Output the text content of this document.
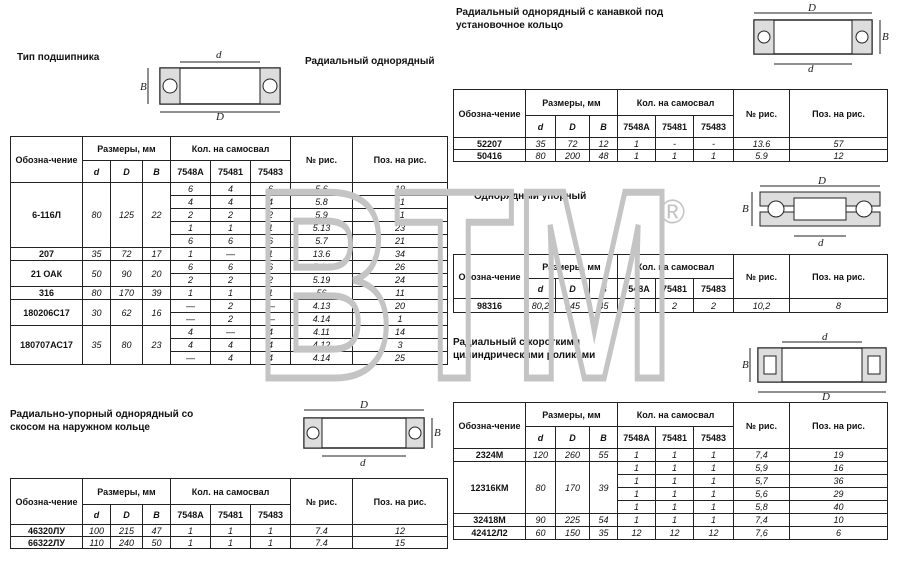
Тип подшипника	Радиальный однорядный
Радиальный однорядный с канавкой под установочное кольцо
Однорядный упорный
Радиальный с короткими цилиндрическими роликами
Радиально-упорный однорядный со скосом на наружном кольце
d
D
B
D
d
B
D
d
B
d
D
B
D
d
B
Обозна-чение	Размеры, мм			Кол. на самосвал			№ рис.	Поз. на рис.
	d	D	B	7548А	75481	75483		
6-116Л	80	125	22	6	4	6	5.6	19
				4	4	4	5.8	31
				2	2	2	5.9	11
				1	1	1	5.13	23
				6	6	6	5.7	21
207	35	72	17	1	—	1	13.6	34
21 ОАК	50	90	20	6	6	6	5.14	26
				2	2	2	5.19	24
316	80	170	39	1	1	1	56	11
180206С17	30	62	16	—	2	—	4.13	20
				—	2	—	4.14	1
180707АС17	35	80	23	4	—	4	4.11	14
				4	4	4	4.12	3
				—	4	4	4.14	25
Обозна-чение	Размеры, мм			Кол. на самосвал			№ рис.	Поз. на рис.
	d	D	B	7548А	75481	75483		
52207	35	72	12	1	-	-	13.6	57
50416	80	200	48	1	1	1	5.9	12
Обозна-чение	Размеры, мм			Кол. на самосвал			№ рис.	Поз. на рис.
	d	D	B	7548А	75481	75483		
98316	80,2	145	45	2	2	2	10,2	8
Обозна-чение	Размеры, мм			Кол. на самосвал			№ рис.	Поз. на рис.
	d	D	B	7548А	75481	75483		
2324М	120	260	55	1	1	1	7,4	19
12316КМ	80	170	39	1	1	1	5,9	16
				1	1	1	5,7	36
				1	1	1	5,6	29
				1	1	1	5,8	40
32418М	90	225	54	1	1	1	7,4	10
42412Л2	60	150	35	12	12	12	7,6	6
Обозна-чение	Размеры, мм			Кол. на самосвал			№ рис.	Поз. на рис.
	d	D	B	7548А	75481	75483		
46320ЛУ	100	215	47	1	1	1	7.4	12
66322ЛУ	110	240	50	1	1	1	7.4	15
BTM
®
